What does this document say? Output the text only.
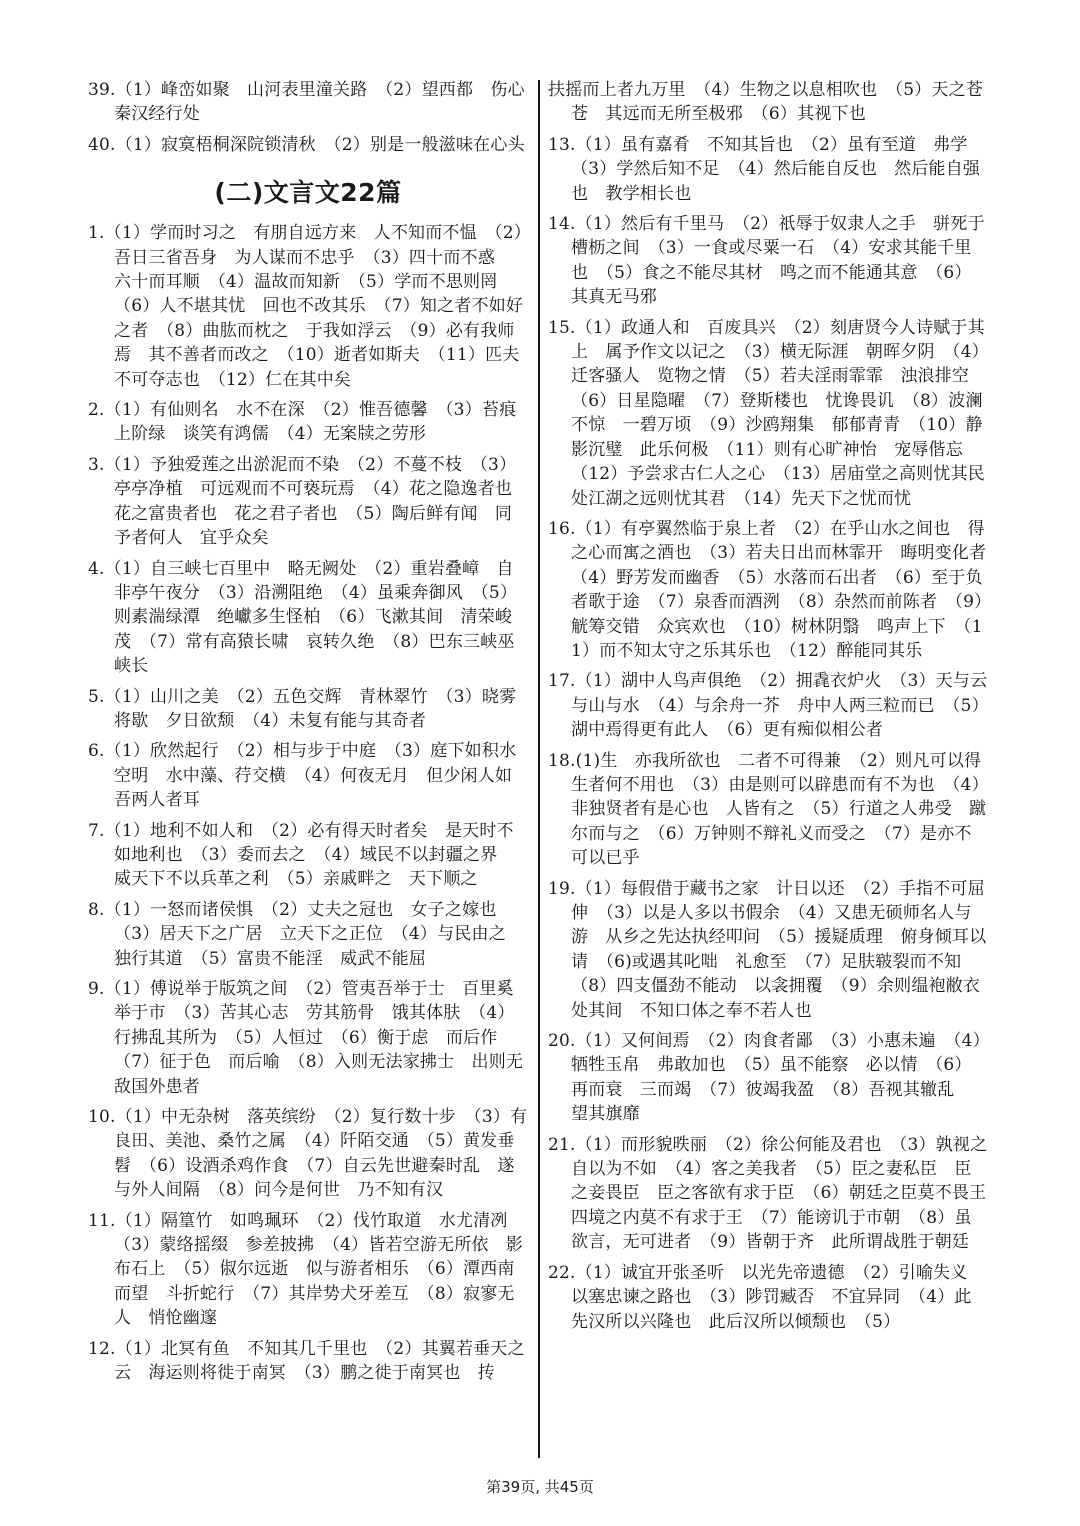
39.（1）峰峦如聚　山河表里潼关路　（2）望西都　伤心秦汉经行处

40.（1）寂寞梧桐深院锁清秋　（2）别是一般滋味在心头

(二)文言文22篇

1.（1）学而时习之　有朋自远方来　人不知而不愠　（2）吾日三省吾身　为人谋而不忠乎　（3）四十而不惑　六十而耳顺　（4）温故而知新　（5）学而不思则罔　（6）人不堪其忧　回也不改其乐　（7）知之者不如好之者　（8）曲肱而枕之　于我如浮云　（9）必有我师焉　其不善者而改之　（10）逝者如斯夫　（11）匹夫不可夺志也　（12）仁在其中矣

2.（1）有仙则名　水不在深　（2）惟吾德馨　（3）苔痕上阶绿　谈笑有鸿儒　（4）无案牍之劳形

3.（1）予独爱莲之出淤泥而不染　（2）不蔓不枝　（3）亭亭净植　可远观而不可亵玩焉　（4）花之隐逸者也　花之富贵者也　花之君子者也　（5）陶后鲜有闻　同予者何人　宜乎众矣

4.（1）自三峡七百里中　略无阙处　（2）重岩叠嶂　自非亭午夜分　（3）沿溯阻绝　（4）虽乘奔御风　（5）则素湍绿潭　绝巘多生怪柏　（6）飞漱其间　清荣峻茂　（7）常有高猿长啸　哀转久绝　（8）巴东三峡巫峡长

5.（1）山川之美　（2）五色交辉　青林翠竹　（3）晓雾将歇　夕日欲颓　（4）未复有能与其奇者

6.（1）欣然起行　（2）相与步于中庭　（3）庭下如积水空明　水中藻、荇交横　（4）何夜无月　但少闲人如吾两人者耳

7.（1）地利不如人和　（2）必有得天时者矣　是天时不如地利也　（3）委而去之　（4）域民不以封疆之界　威天下不以兵革之利　（5）亲戚畔之　天下顺之

8.（1）一怒而诸侯惧　（2）丈夫之冠也　女子之嫁也　（3）居天下之广居　立天下之正位　（4）与民由之　独行其道　（5）富贵不能淫　威武不能屈

9.（1）傅说举于版筑之间　（2）管夷吾举于士　百里奚举于市　（3）苦其心志　劳其筋骨　饿其体肤　（4）行拂乱其所为　（5）人恒过　（6）衡于虑　而后作　（7）征于色　而后喻　（8）入则无法家拂士　出则无敌国外患者

10.（1）中无杂树　落英缤纷　（2）复行数十步　（3）有良田、美池、桑竹之属　（4）阡陌交通　（5）黄发垂髫　（6）设酒杀鸡作食　（7）自云先世避秦时乱　遂与外人间隔　（8）问今是何世　乃不知有汉

11.（1）隔篁竹　如鸣珮环　（2）伐竹取道　水尤清冽　（3）蒙络摇缀　参差披拂　（4）皆若空游无所依　影布石上　（5）俶尔远逝　似与游者相乐　（6）潭西南而望　斗折蛇行　（7）其岸势犬牙差互　（8）寂寥无人　悄怆幽邃

12.（1）北冥有鱼　不知其几千里也　（2）其翼若垂天之云　海运则将徙于南冥　（3）鹏之徙于南冥也　抟

扶摇而上者九万里　（4）生物之以息相吹也　（5）天之苍苍　其远而无所至极邪　（6）其视下也

13.（1）虽有嘉肴　不知其旨也　（2）虽有至道　弗学　（3）学然后知不足　（4）然后能自反也　然后能自强也　教学相长也

14.（1）然后有千里马　（2）祇辱于奴隶人之手　骈死于槽枥之间　（3）一食或尽粟一石　（4）安求其能千里也　（5）食之不能尽其材　鸣之而不能通其意　（6）其真无马邪

15.（1）政通人和　百废具兴　（2）刻唐贤今人诗赋于其上　属予作文以记之　（3）横无际涯　朝晖夕阴　（4）迁客骚人　览物之情　（5）若夫淫雨霏霏　浊浪排空　（6）日星隐曜　（7）登斯楼也　忧谗畏讥　（8）波澜不惊　一碧万顷　（9）沙鸥翔集　郁郁青青　（10）静影沉璧　此乐何极　（11）则有心旷神怡　宠辱偕忘　（12）予尝求古仁人之心　（13）居庙堂之高则忧其民　处江湖之远则忧其君　（14）先天下之忧而忧

16.（1）有亭翼然临于泉上者　（2）在乎山水之间也　得之心而寓之酒也　（3）若夫日出而林霏开　晦明变化者　（4）野芳发而幽香　（5）水落而石出者　（6）至于负者歌于途　（7）泉香而酒洌　（8）杂然而前陈者　（9）觥筹交错　众宾欢也　（10）树林阴翳　鸣声上下　（11）而不知太守之乐其乐也　（12）醉能同其乐

17.（1）湖中人鸟声俱绝　（2）拥毳衣炉火　（3）天与云与山与水　（4）与余舟一芥　舟中人两三粒而已　（5）湖中焉得更有此人　（6）更有痴似相公者

18.(1)生　亦我所欲也　二者不可得兼　（2）则凡可以得生者何不用也　（3）由是则可以辟患而有不为也　（4）非独贤者有是心也　人皆有之　（5）行道之人弗受　蹴尔而与之　（6）万钟则不辩礼义而受之　（7）是亦不可以已乎

19.（1）每假借于藏书之家　计日以还　（2）手指不可屈伸　（3）以是人多以书假余　（4）又患无硕师名人与游　从乡之先达执经叩问　（5）援疑质理　俯身倾耳以请　（6)或遇其叱咄　礼愈至　（7）足肤皲裂而不知　（8）四支僵劲不能动　以衾拥覆　（9）余则缊袍敝衣处其间　不知口体之奉不若人也

20.（1）又何间焉　（2）肉食者鄙　（3）小惠未遍　（4）牺牲玉帛　弗敢加也　（5）虽不能察　必以情　（6）再而衰　三而竭　（7）彼竭我盈　（8）吾视其辙乱　望其旗靡

21.（1）而形貌昳丽　（2）徐公何能及君也　（3）孰视之　自以为不如　（4）客之美我者　（5）臣之妻私臣　臣之妾畏臣　臣之客欲有求于臣　（6）朝廷之臣莫不畏王　四境之内莫不有求于王　（7）能谤讥于市朝　（8）虽欲言，无可进者　（9）皆朝于齐　此所谓战胜于朝廷

22.（1）诚宜开张圣听　以光先帝遗德　（2）引喻失义　以塞忠谏之路也　（3）陟罚臧否　不宜异同　（4）此先汉所以兴隆也　此后汉所以倾颓也　（5）

第39页, 共45页
